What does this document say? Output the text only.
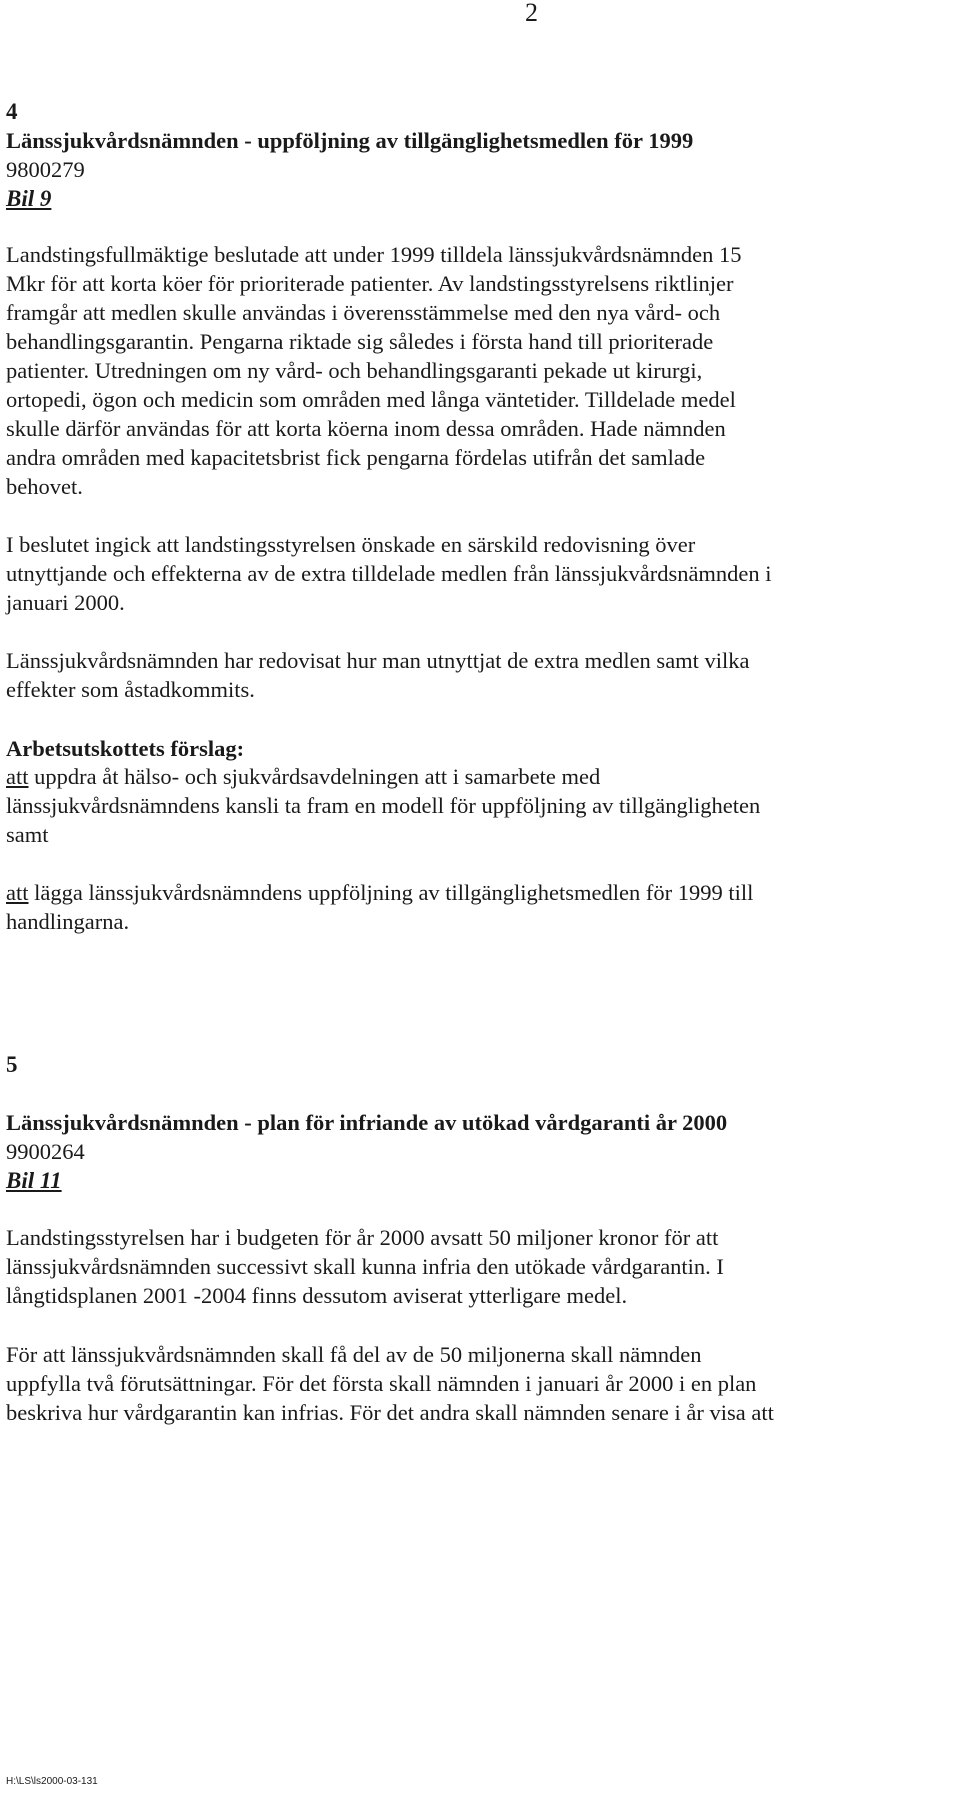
2
4
Länssjukvårdsnämnden - uppföljning av tillgänglighetsmedlen för 1999
9800279
Bil 9
Landstingsfullmäktige beslutade att under 1999 tilldela länssjukvårdsnämnden 15
Mkr för att korta köer för prioriterade patienter. Av landstingsstyrelsens riktlinjer
framgår att medlen skulle användas i överensstämmelse med den nya vård- och
behandlingsgarantin. Pengarna riktade sig således i första hand till prioriterade
patienter. Utredningen om ny vård- och behandlingsgaranti pekade ut kirurgi,
ortopedi, ögon och medicin som områden med långa väntetider. Tilldelade medel
skulle därför användas för att korta köerna inom dessa områden. Hade nämnden
andra områden med kapacitetsbrist fick pengarna fördelas utifrån det samlade
behovet.
I beslutet ingick att landstingsstyrelsen önskade en särskild redovisning över
utnyttjande och effekterna av de extra tilldelade medlen från länssjukvårdsnämnden i
januari 2000.
Länssjukvårdsnämnden har redovisat hur man utnyttjat de extra medlen samt vilka
effekter som åstadkommits.
Arbetsutskottets förslag:
att uppdra åt hälso- och sjukvårdsavdelningen att i samarbete med
länssjukvårdsnämndens kansli ta fram en modell för uppföljning av tillgängligheten
samt
att lägga länssjukvårdsnämndens uppföljning av tillgänglighetsmedlen för 1999 till
handlingarna.
5
Länssjukvårdsnämnden - plan för infriande av utökad vårdgaranti år 2000
9900264
Bil 11
Landstingsstyrelsen har i budgeten för år 2000 avsatt 50 miljoner kronor för att
länssjukvårdsnämnden successivt skall kunna infria den utökade vårdgarantin. I
långtidsplanen 2001 -2004 finns dessutom aviserat ytterligare medel.
För att länssjukvårdsnämnden skall få del av de 50 miljonerna skall nämnden
uppfylla två förutsättningar. För det första skall nämnden i januari år 2000 i en plan
beskriva hur vårdgarantin kan infrias. För det andra skall nämnden senare i år visa att
H:\LS\ls2000-03-131
